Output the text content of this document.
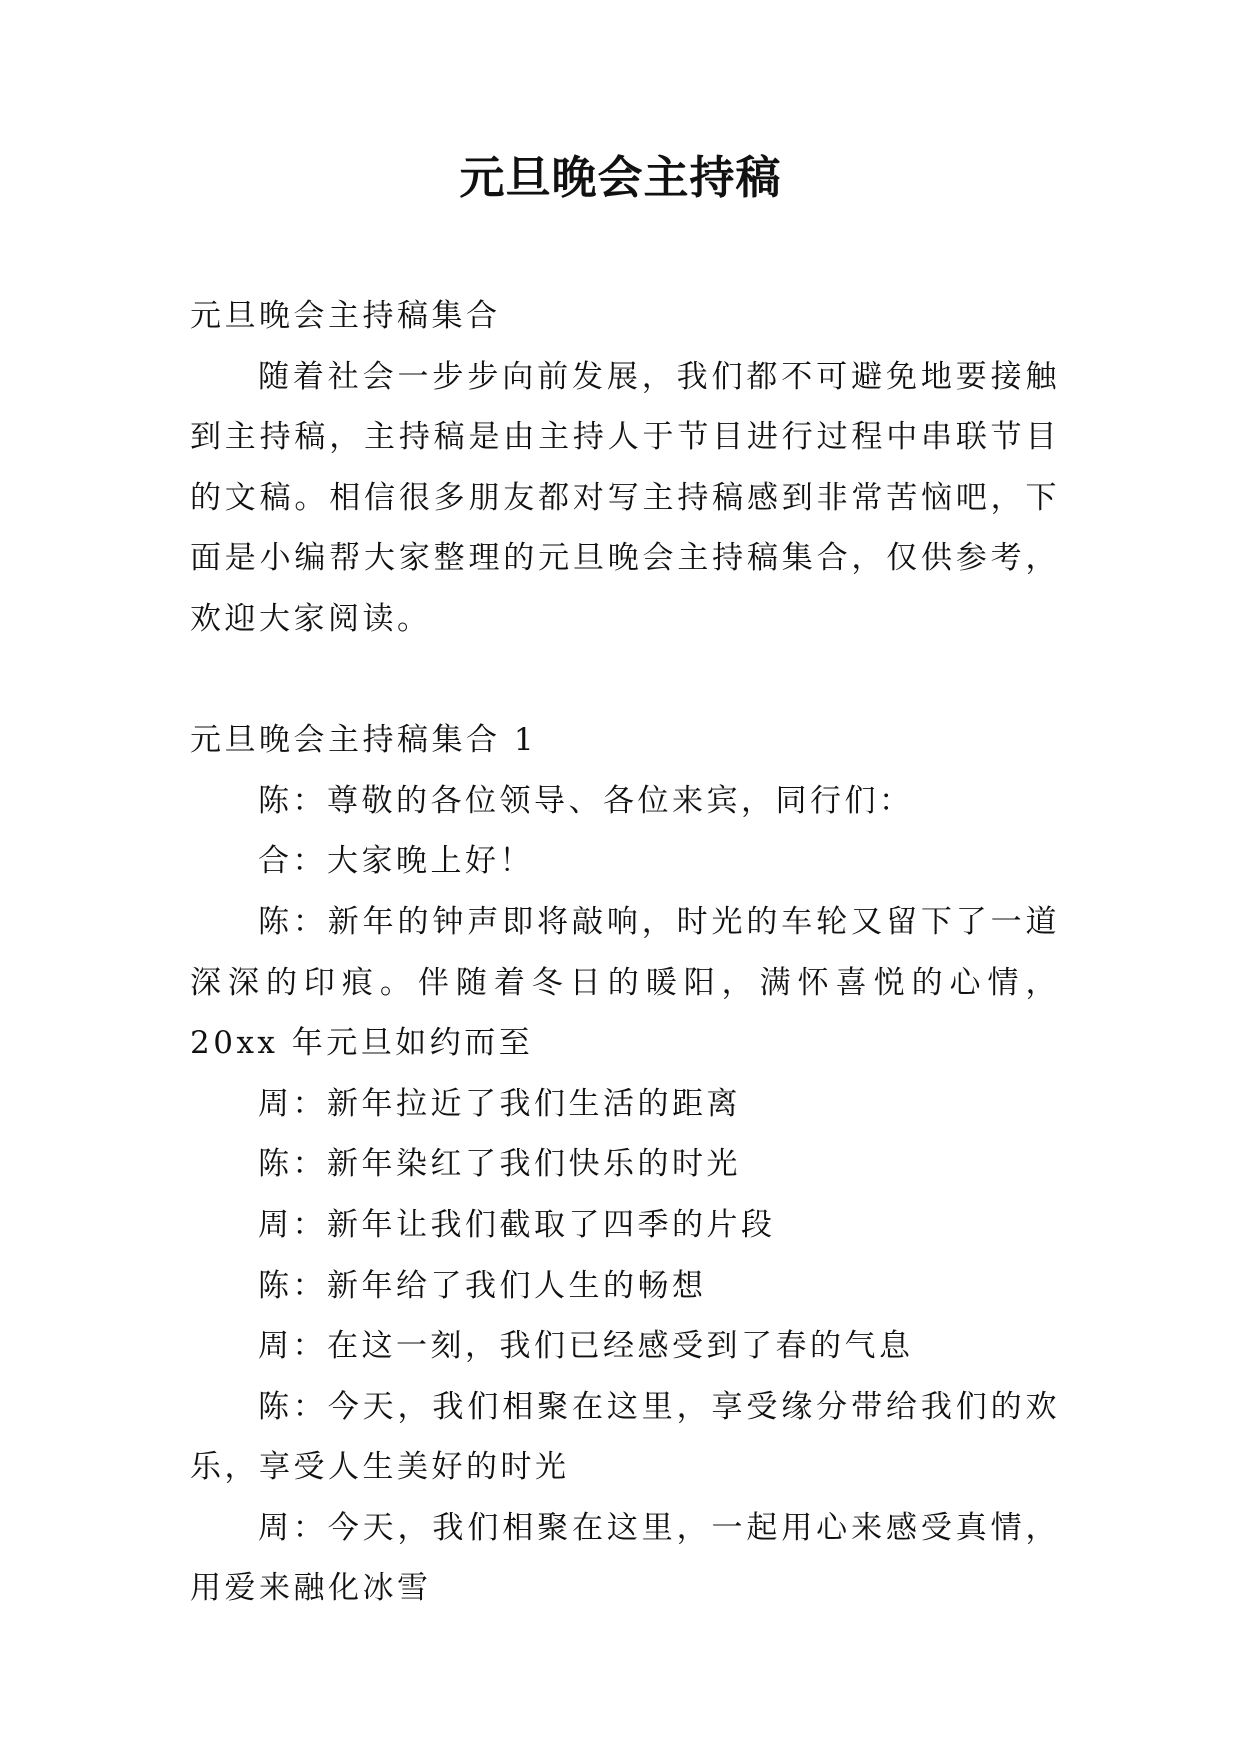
元旦晚会主持稿

元旦晚会主持稿集合

随着社会一步步向前发展，我们都不可避免地要接触到主持稿，主持稿是由主持人于节目进行过程中串联节目的文稿。相信很多朋友都对写主持稿感到非常苦恼吧，下面是小编帮大家整理的元旦晚会主持稿集合，仅供参考，欢迎大家阅读。

元旦晚会主持稿集合 1

陈：尊敬的各位领导、各位来宾，同行们：

合：大家晚上好！

陈：新年的钟声即将敲响，时光的车轮又留下了一道深深的印痕。伴随着冬日的暖阳，满怀喜悦的心情，20xx 年元旦如约而至

周：新年拉近了我们生活的距离

陈：新年染红了我们快乐的时光

周：新年让我们截取了四季的片段

陈：新年给了我们人生的畅想

周：在这一刻，我们已经感受到了春的气息

陈：今天，我们相聚在这里，享受缘分带给我们的欢乐，享受人生美好的时光

周：今天，我们相聚在这里，一起用心来感受真情，用爱来融化冰雪
